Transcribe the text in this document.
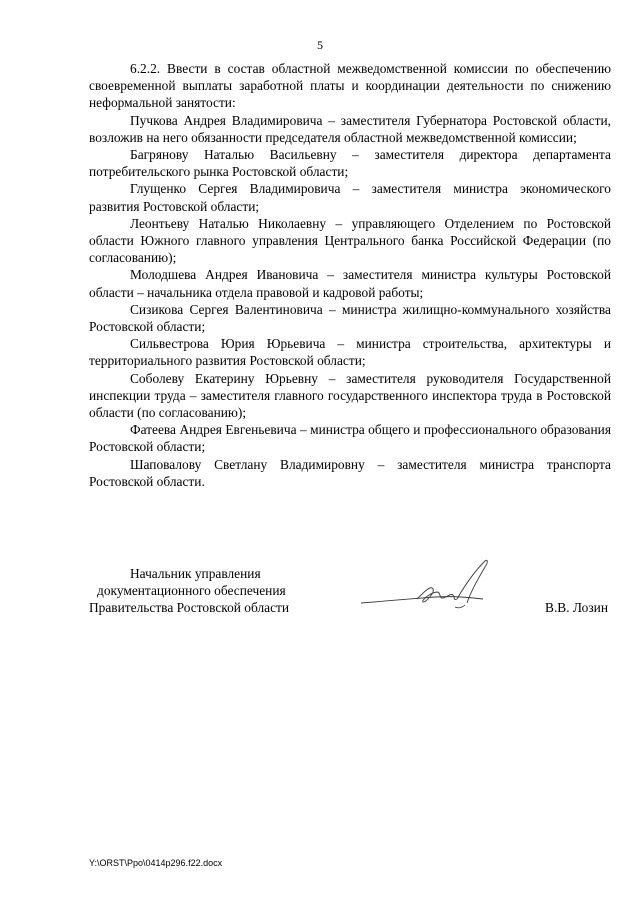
5

6.2.2. Ввести в состав областной межведомственной комиссии по обеспечению своевременной выплаты заработной платы и координации деятельности по снижению неформальной занятости:

Пучкова Андрея Владимировича – заместителя Губернатора Ростовской области, возложив на него обязанности председателя областной межведомственной комиссии;

Багрянову Наталью Васильевну – заместителя директора департамента потребительского рынка Ростовской области;

Глущенко Сергея Владимировича – заместителя министра экономического развития Ростовской области;

Леонтьеву Наталью Николаевну – управляющего Отделением по Ростовской области Южного главного управления Центрального банка Российской Федерации (по согласованию);

Молодшева Андрея Ивановича – заместителя министра культуры Ростовской области – начальника отдела правовой и кадровой работы;

Сизикова Сергея Валентиновича – министра жилищно-коммунального хозяйства Ростовской области;

Сильвестрова Юрия Юрьевича – министра строительства, архитектуры и территориального развития Ростовской области;

Соболеву Екатерину Юрьевну – заместителя руководителя Государственной инспекции труда – заместителя главного государственного инспектора труда в Ростовской области (по согласованию);

Фатеева Андрея Евгеньевича – министра общего и профессионального образования Ростовской области;

Шаповалову Светлану Владимировну – заместителя министра транспорта Ростовской области.

Начальник управления
документационного обеспечения
Правительства Ростовской области	В.В. Лозин
Y:\ORST\Ppo\0414p296.f22.docx
